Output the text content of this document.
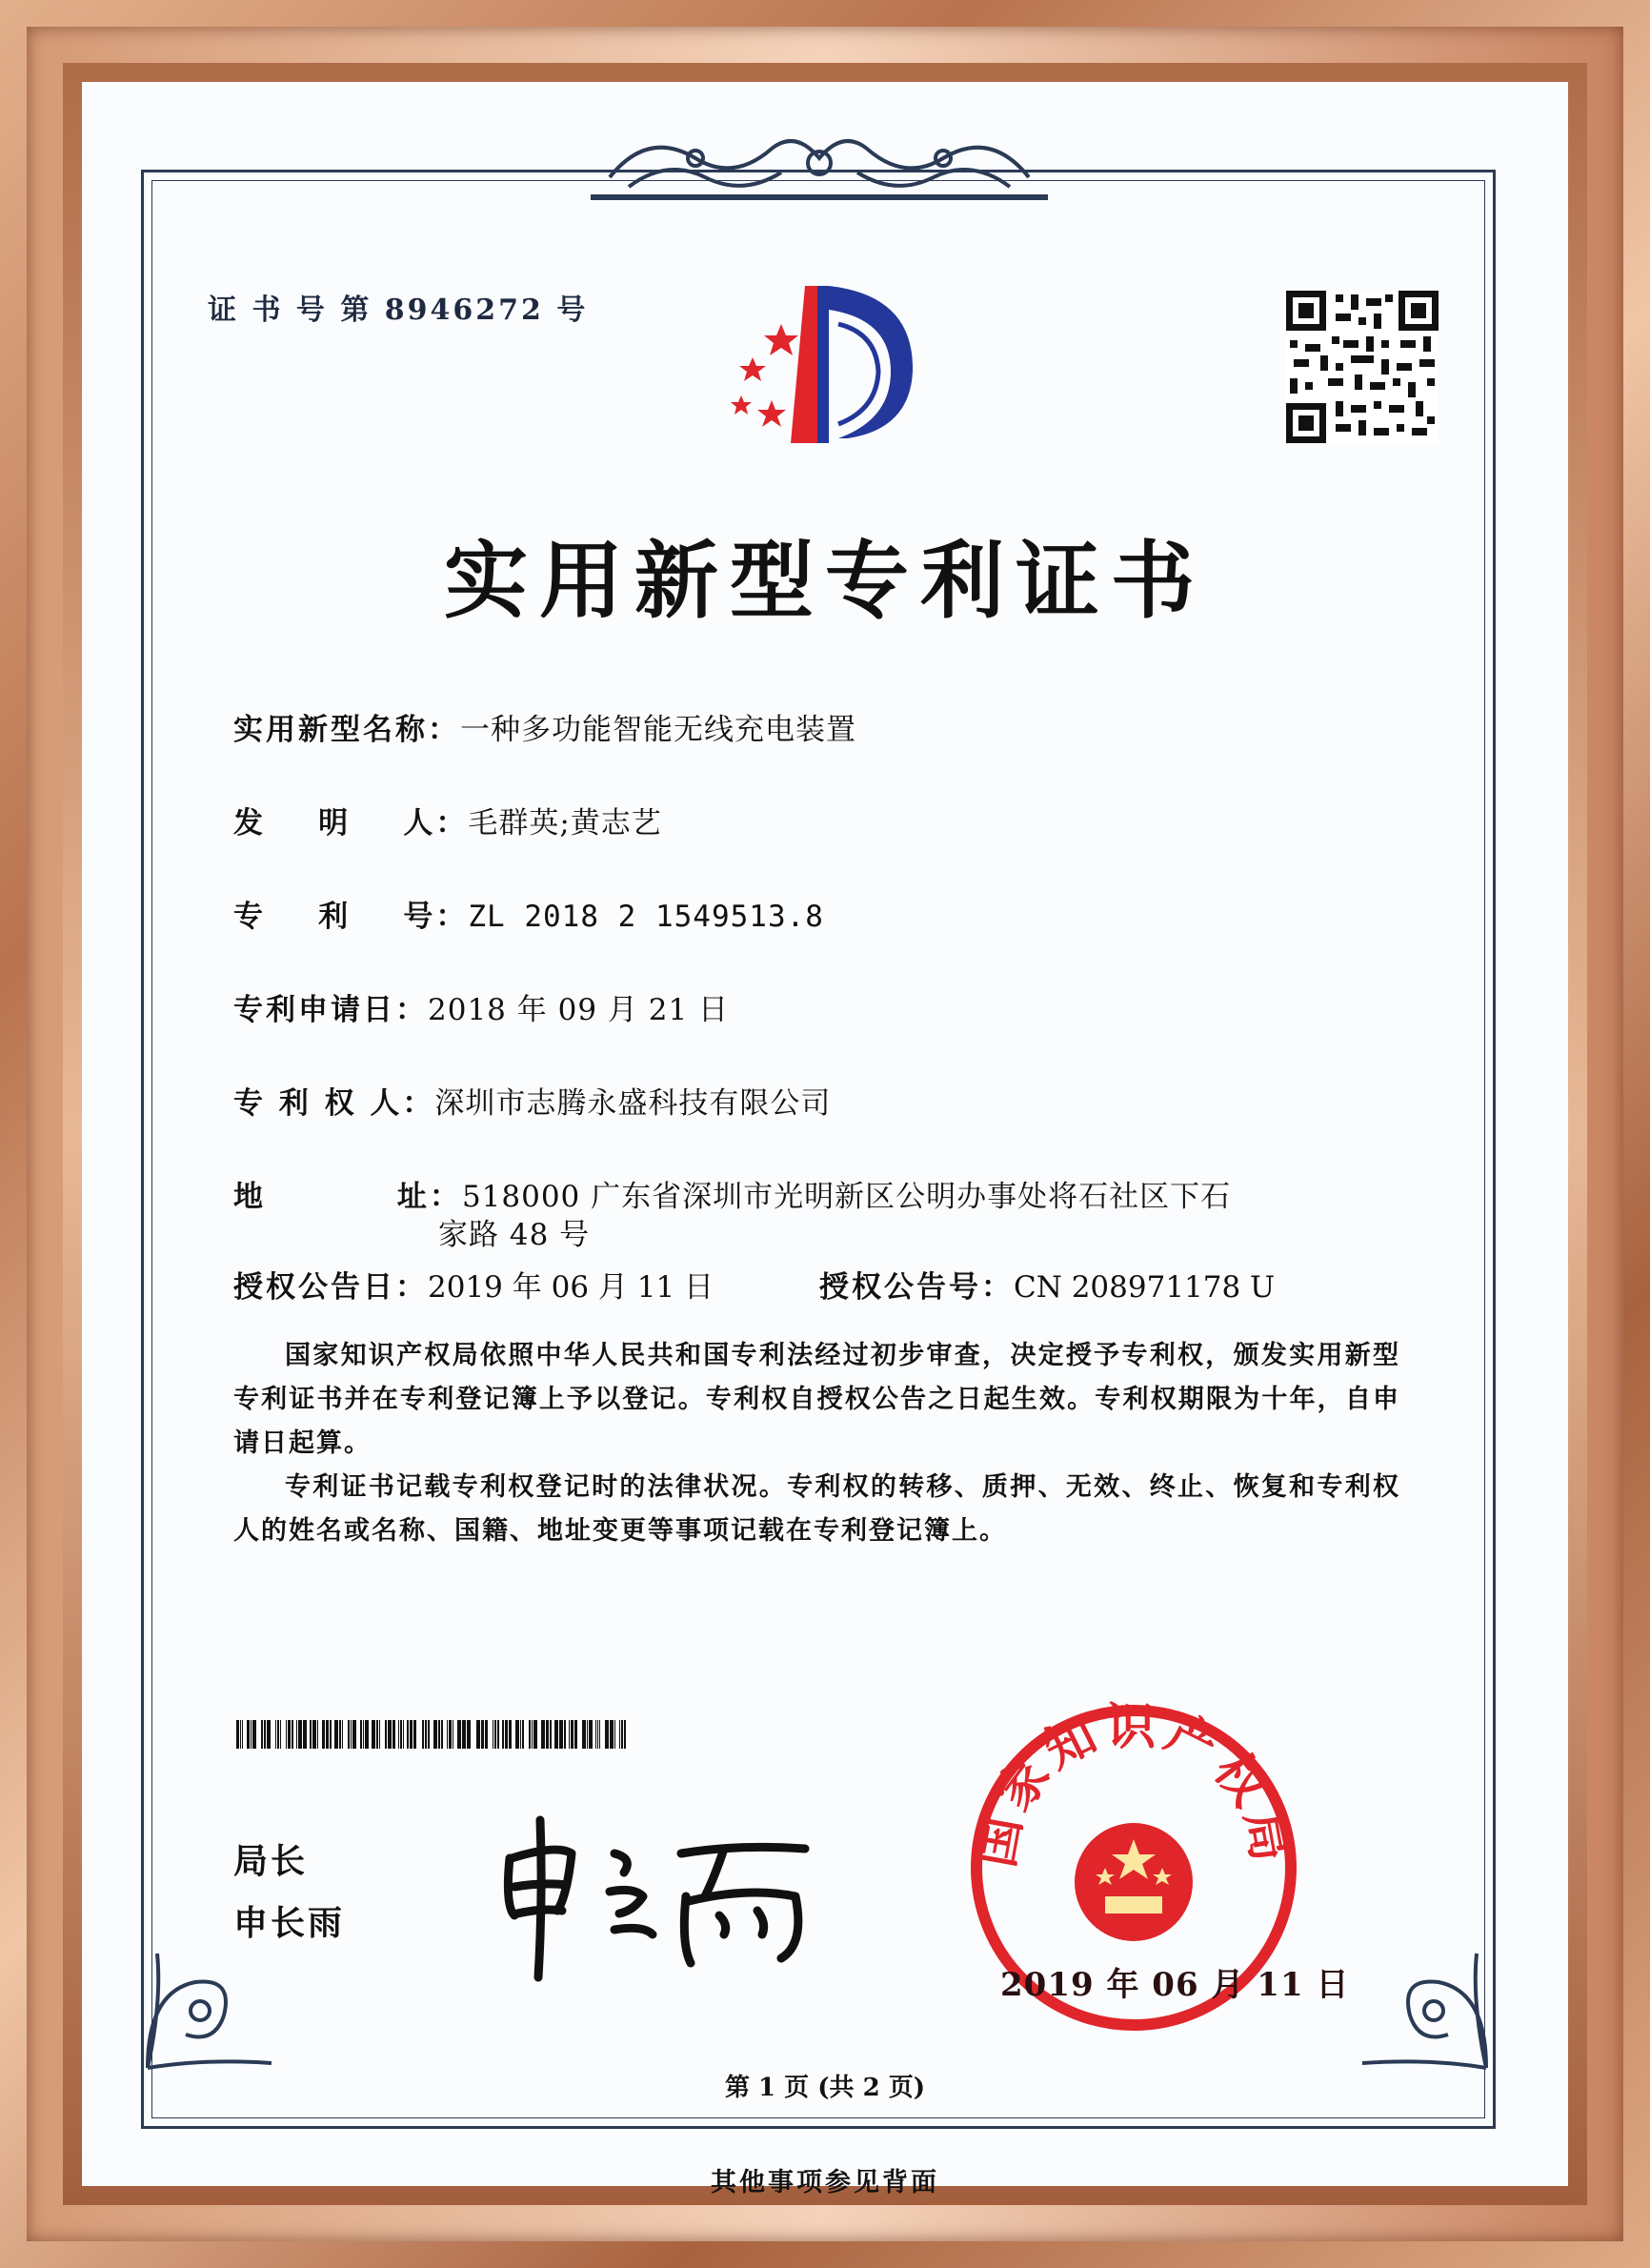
证 书 号 第 8946272 号
实用新型专利证书
实用新型名称：一种多功能智能无线充电装置
发    明    人：毛群英;黄志艺
专    利    号：ZL 2018 2 1549513.8
专利申请日：2018 年 09 月 21 日
专 利 权 人：深圳市志腾永盛科技有限公司
地          址：518000 广东省深圳市光明新区公明办事处将石社区下石
家路 48 号
授权公告日：2019 年 06 月 11 日	授权公告号：CN 208971178 U

国家知识产权局依照中华人民共和国专利法经过初步审查，决定授予专利权，颁发实用新型专利证书并在专利登记簿上予以登记。专利权自授权公告之日起生效。专利权期限为十年，自申请日起算。

专利证书记载专利权登记时的法律状况。专利权的转移、质押、无效、终止、恢复和专利权人的姓名或名称、国籍、地址变更等事项记载在专利登记簿上。

局长
申长雨
国家知识产权局
2019 年 06 月 11 日
第 1 页 (共 2 页)
其他事项参见背面
